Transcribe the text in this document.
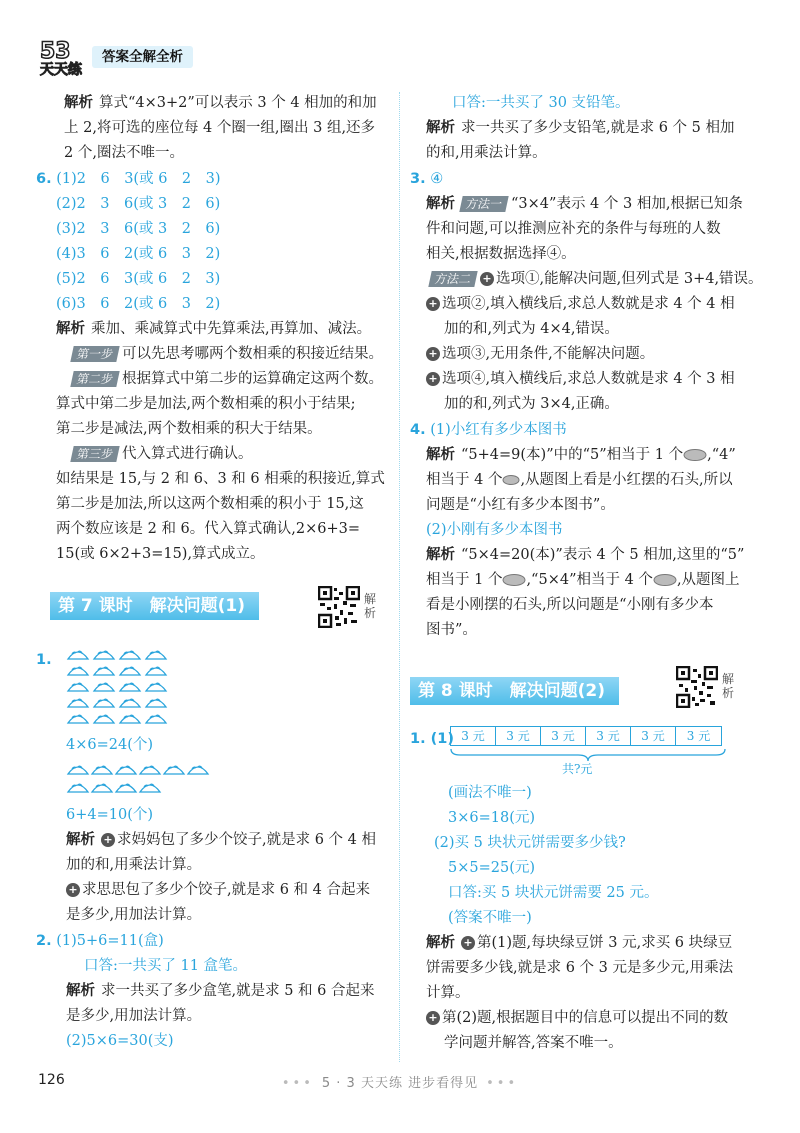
53
天天练
答案全解全析
解析 算式“4×3+2”可以表示 3 个 4 相加的和加
上 2,将可选的座位每 4 个圈一组,圈出 3 组,还多
2 个,圈法不唯一。
6. (1)2　6　3(或 6　2　3)
(2)2　3　6(或 3　2　6)
(3)2　3　6(或 3　2　6)
(4)3　6　2(或 6　3　2)
(5)2　6　3(或 6　2　3)
(6)3　6　2(或 6　3　2)
解析 乘加、乘减算式中先算乘法,再算加、减法。
第一步 可以先思考哪两个数相乘的积接近结果。
第二步 根据算式中第二步的运算确定这两个数。
算式中第二步是加法,两个数相乘的积小于结果;
第二步是减法,两个数相乘的积大于结果。
第三步 代入算式进行确认。
如结果是 15,与 2 和 6、3 和 6 相乘的积接近,算式
第二步是加法,所以这两个数相乘的积小于 15,这
两个数应该是 2 和 6。代入算式确认,2×6+3=
15(或 6×2+3=15),算式成立。
第 7 课时　解决问题(1)	解析
1.
4×6=24(个)
6+4=10(个)
解析 + 求妈妈包了多少个饺子,就是求 6 个 4 相
加的和,用乘法计算。
+ 求思思包了多少个饺子,就是求 6 和 4 合起来
是多少,用加法计算。
2. (1)5+6=11(盒)
口答:一共买了 11 盒笔。
解析 求一共买了多少盒笔,就是求 5 和 6 合起来
是多少,用加法计算。
(2)5×6=30(支)
口答:一共买了 30 支铅笔。
解析 求一共买了多少支铅笔,就是求 6 个 5 相加
的和,用乘法计算。
3. ④
解析 方法一 “3×4”表示 4 个 3 相加,根据已知条
件和问题,可以推测应补充的条件与每班的人数
相关,根据数据选择④。
方法二 + 选项①,能解决问题,但列式是 3+4,错误。
+ 选项②,填入横线后,求总人数就是求 4 个 4 相
加的和,列式为 4×4,错误。
+ 选项③,无用条件,不能解决问题。
+ 选项④,填入横线后,求总人数就是求 4 个 3 相
加的和,列式为 3×4,正确。
4. (1)小红有多少本图书
解析 “5+4=9(本)”中的“5”相当于 1 个 ,“4”
相当于 4 个 ,从题图上看是小红摆的石头,所以
问题是“小红有多少本图书”。
(2)小刚有多少本图书
解析 “5×4=20(本)”表示 4 个 5 相加,这里的“5”
相当于 1 个 ,“5×4”相当于 4 个 ,从题图上
看是小刚摆的石头,所以问题是“小刚有多少本
图书”。
第 8 课时　解决问题(2)
解析
1. (1) 3 元	3 元	3 元	3 元	3 元	3 元
共?元
(画法不唯一)
3×6=18(元)
(2)买 5 块状元饼需要多少钱?
5×5=25(元)
口答:买 5 块状元饼需要 25 元。
(答案不唯一)
解析 + 第(1)题,每块绿豆饼 3 元,求买 6 块绿豆
饼需要多少钱,就是求 6 个 3 元是多少元,用乘法
计算。
+ 第(2)题,根据题目中的信息可以提出不同的数
学问题并解答,答案不唯一。
126	••• 5 · 3 天天练 进步看得见 •••
